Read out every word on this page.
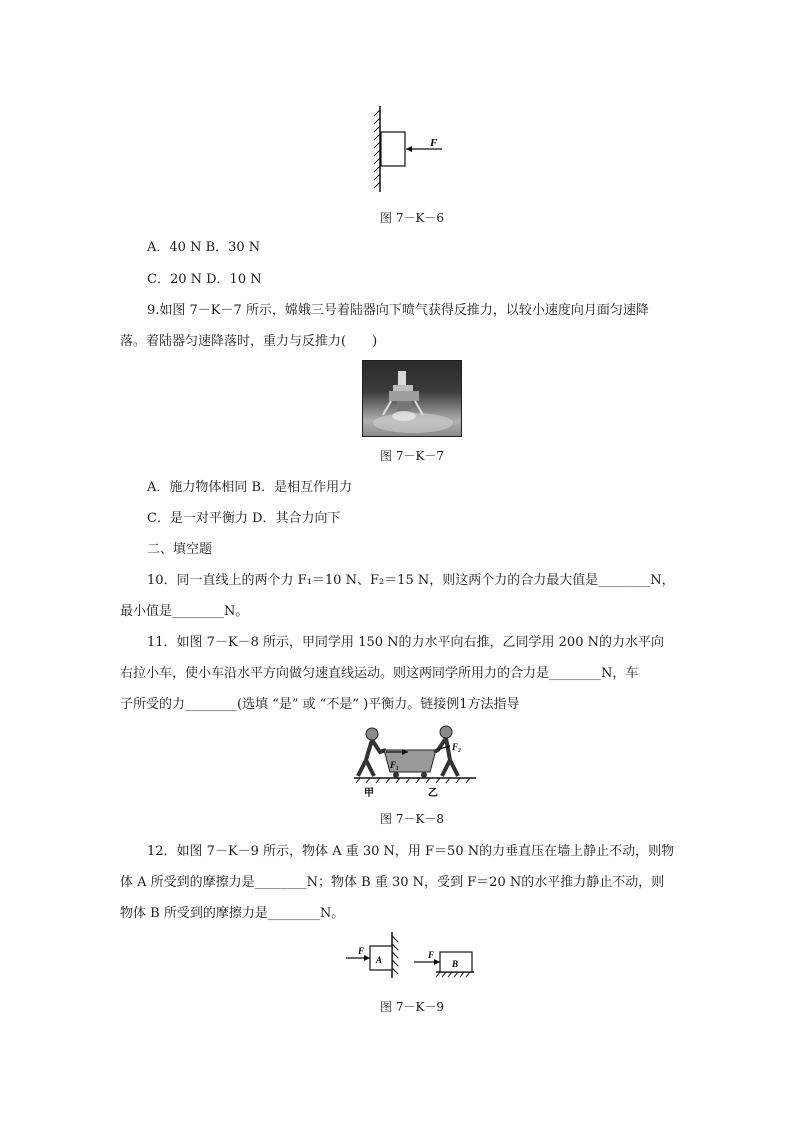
F
图 7－K－6
A．40 N B．30 N
C．20 N D．10 N
9.如图 7－K－7 所示，嫦娥三号着陆器向下喷气获得反推力，以较小速度向月面匀速降
落。着陆器匀速降落时，重力与反推力(　　)
图 7－K－7
A．施力物体相同 B．是相互作用力
C．是一对平衡力 D．其合力向下
二、填空题
10．同一直线上的两个力 F₁＝10 N、F₂＝15 N，则这两个力的合力最大值是________N，
最小值是________N。
11．如图 7－K－8 所示，甲同学用 150 N的力水平向右推，乙同学用 200 N的力水平向
右拉小车，使小车沿水平方向做匀速直线运动。则这两同学所用力的合力是________N，车
子所受的力________(选填 “是” 或 “不是” )平衡力。链接例1方法指导
F₁
F₂
甲	乙
图 7－K－8
12．如图 7－K－9 所示，物体 A 重 30 N，用 F＝50 N的力垂直压在墙上静止不动，则物
体 A 所受到的摩擦力是________N；物体 B 重 30 N，受到 F＝20 N的水平推力静止不动，则
物体 B 所受到的摩擦力是________N。
F
A	F
B
图 7－K－9
